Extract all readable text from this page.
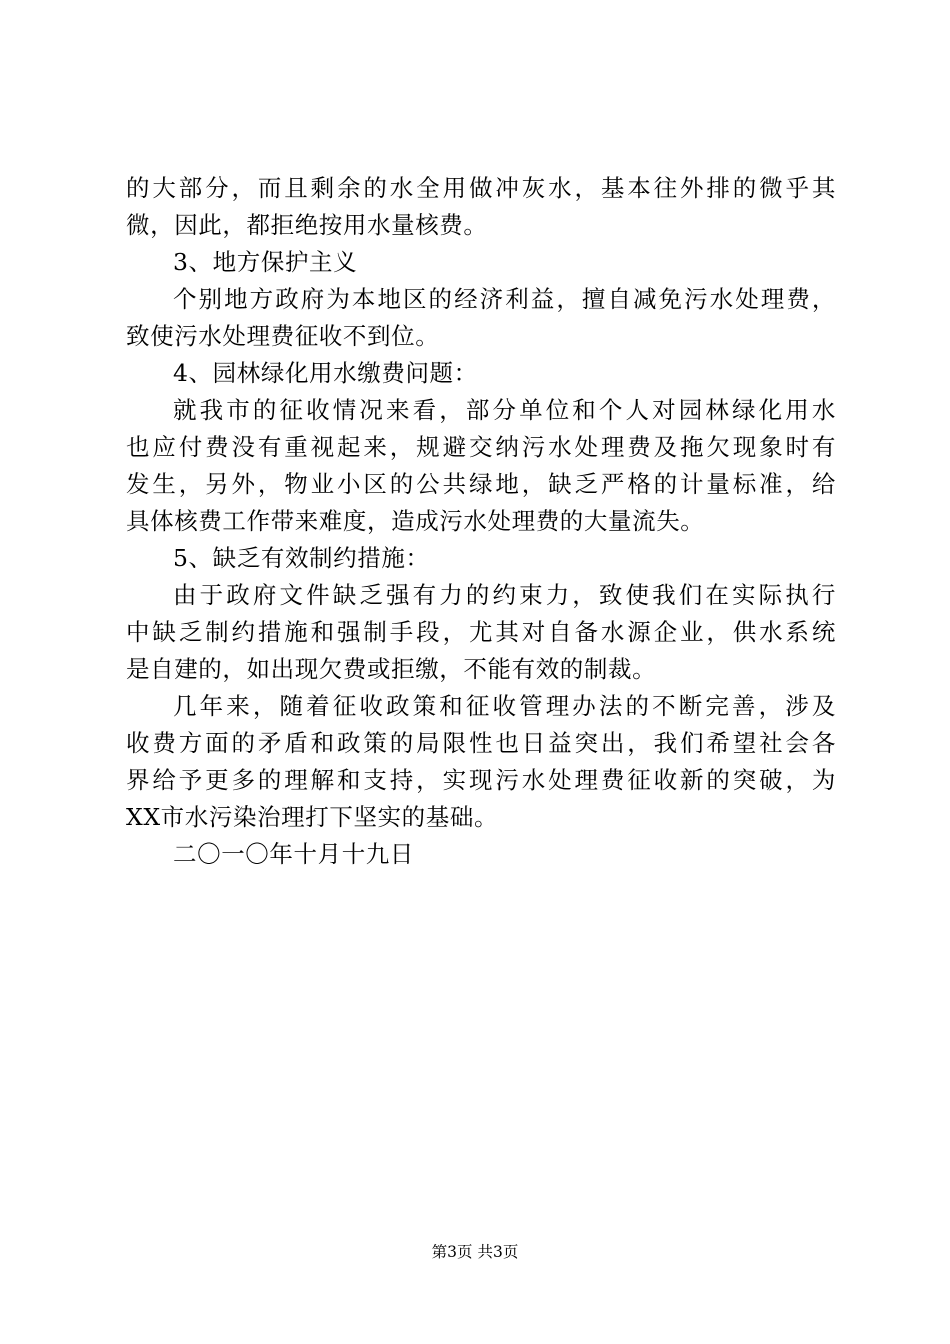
的大部分，而且剩余的水全用做冲灰水，基本往外排的微乎其
微，因此，都拒绝按用水量核费。
3、地方保护主义
个别地方政府为本地区的经济利益，擅自减免污水处理费，
致使污水处理费征收不到位。
4、园林绿化用水缴费问题：
就我市的征收情况来看，部分单位和个人对园林绿化用水
也应付费没有重视起来，规避交纳污水处理费及拖欠现象时有
发生，另外，物业小区的公共绿地，缺乏严格的计量标准，给
具体核费工作带来难度，造成污水处理费的大量流失。
5、缺乏有效制约措施：
由于政府文件缺乏强有力的约束力，致使我们在实际执行
中缺乏制约措施和强制手段，尤其对自备水源企业，供水系统
是自建的，如出现欠费或拒缴，不能有效的制裁。
几年来，随着征收政策和征收管理办法的不断完善，涉及
收费方面的矛盾和政策的局限性也日益突出，我们希望社会各
界给予更多的理解和支持，实现污水处理费征收新的突破，为
XX市水污染治理打下坚实的基础。
二〇一〇年十月十九日
第3页 共3页
